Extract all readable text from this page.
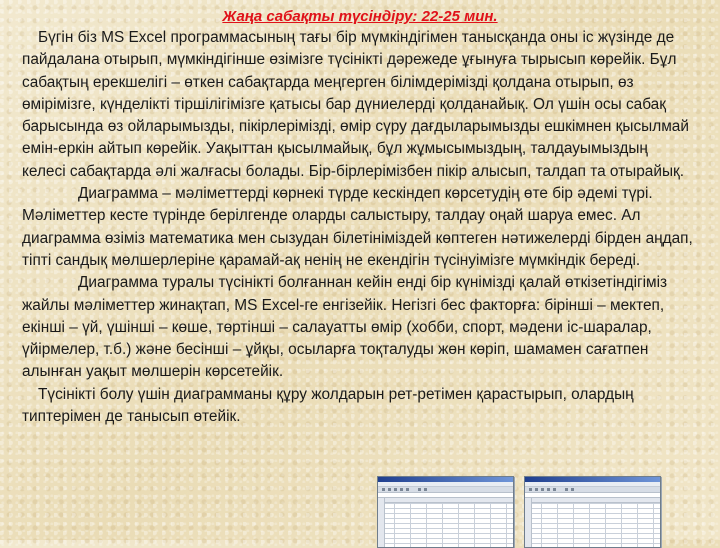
Жаңа сабақты түсіндіру: 22-25 мин.

Бүгін біз MS Excel программасының тағы бір мүмкіндігімен танысқанда оны іс жүзінде де пайдалана отырып, мүмкіндігінше өзімізге түсінікті дәрежеде ұғынуға тырысып көрейік. Бұл сабақтың ерекшелігі – өткен сабақтарда меңгерген білімдерімізді қолдана отырып, өз өмірімізге, күнделікті тіршілігімізге қатысы бар дүниелерді қолданайық. Ол үшін осы сабақ барысында өз ойларымызды, пікірлерімізді, өмір сүру дағдыларымызды ешкімнен қысылмай емін-еркін айтып көрейік. Уақыттан қысылмайық, бұл жұмысымыздың, талдауымыздың келесі сабақтарда әлі жалғасы болады. Бір-бірлерімізбен пікір алысып, талдап та отырайық.

Диаграмма – мәліметтерді көрнекі түрде кескіндеп көрсетудің өте бір әдемі түрі. Мәліметтер кесте түрінде берілгенде оларды салыстыру, талдау оңай шаруа емес. Ал диаграмма өзіміз математика мен сызудан білетініміздей көптеген нәтижелерді бірден аңдап, тіпті сандық мөлшерлеріне қарамай-ақ ненің не екендігін түсінуімізге мүмкіндік береді.

Диаграмма туралы түсінікті болғаннан кейін енді бір күнімізді қалай өткізетіндігіміз жайлы мәліметтер жинақтап, MS Excel-ге енгізейік. Негізгі бес факторға: бірінші – мектеп, екінші – үй, үшінші – көше, төртінші – салауатты өмір (хобби, спорт, мәдени іс-шаралар, үйірмелер, т.б.) және бесінші – ұйқы, осыларға тоқталуды жөн көріп, шамамен сағатпен алынған уақыт мөлшерін көрсетейік.

Түсінікті болу үшін диаграмманы құру жолдарын рет-ретімен қарастырып, олардың типтерімен де танысып өтейік.
